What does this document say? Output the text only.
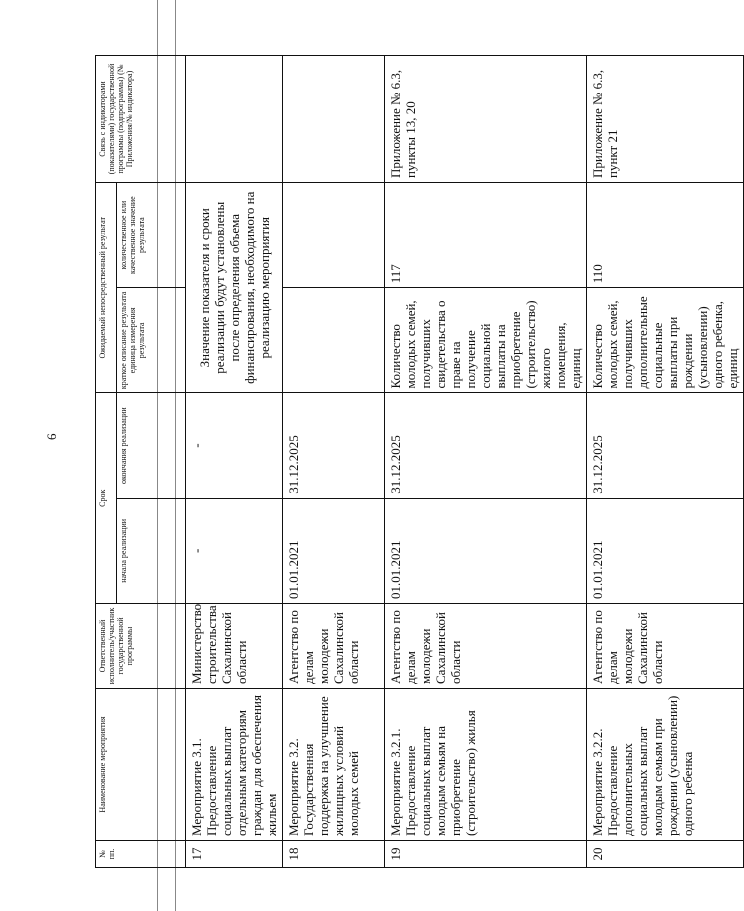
6
№ пп.	Наименование мероприятия	Ответственный исполнитель/участник государственной программы	Срок		Ожидаемый непосредственный результат		Связь с индикаторами (показателями) государственной программы (подпрограммы) (№ Приложения/№ индикатора)
			начала реализации	окончания реализации	краткое описание результата единица измерения результата	количественное или качественное значение результата	
17	Мероприятие 3.1. Предоставление социальных выплат отдельным категориям граждан для обеспечения жильем	Министерство строительства Сахалинской области	-	-	Значение показателя и сроки реализации будут установлены после определения объема финансирования, необходимого на реализацию мероприятия		
18	Мероприятие 3.2. Государственная поддержка на улучшение жилищных условий молодых семей	Агентство по делам молодежи Сахалинской области	01.01.2021	31.12.2025			
19	Мероприятие 3.2.1. Предоставление социальных выплат молодым семьям на приобретение (строительство) жилья	Агентство по делам молодежи Сахалинской области	01.01.2021	31.12.2025	Количество молодых семей, получивших свидетельства о праве на получение социальной выплаты на приобретение (строительство) жилого помещения, единиц	117	Приложение № 6.3, пункты 13, 20
20	Мероприятие 3.2.2. Предоставление дополнительных социальных выплат молодым семьям при рождении (усыновлении) одного ребенка	Агентство по делам молодежи Сахалинской области	01.01.2021	31.12.2025	Количество молодых семей, получивших дополнительные социальные выплаты при рождении (усыновлении) одного ребенка, единиц	110	Приложение № 6.3, пункт 21
